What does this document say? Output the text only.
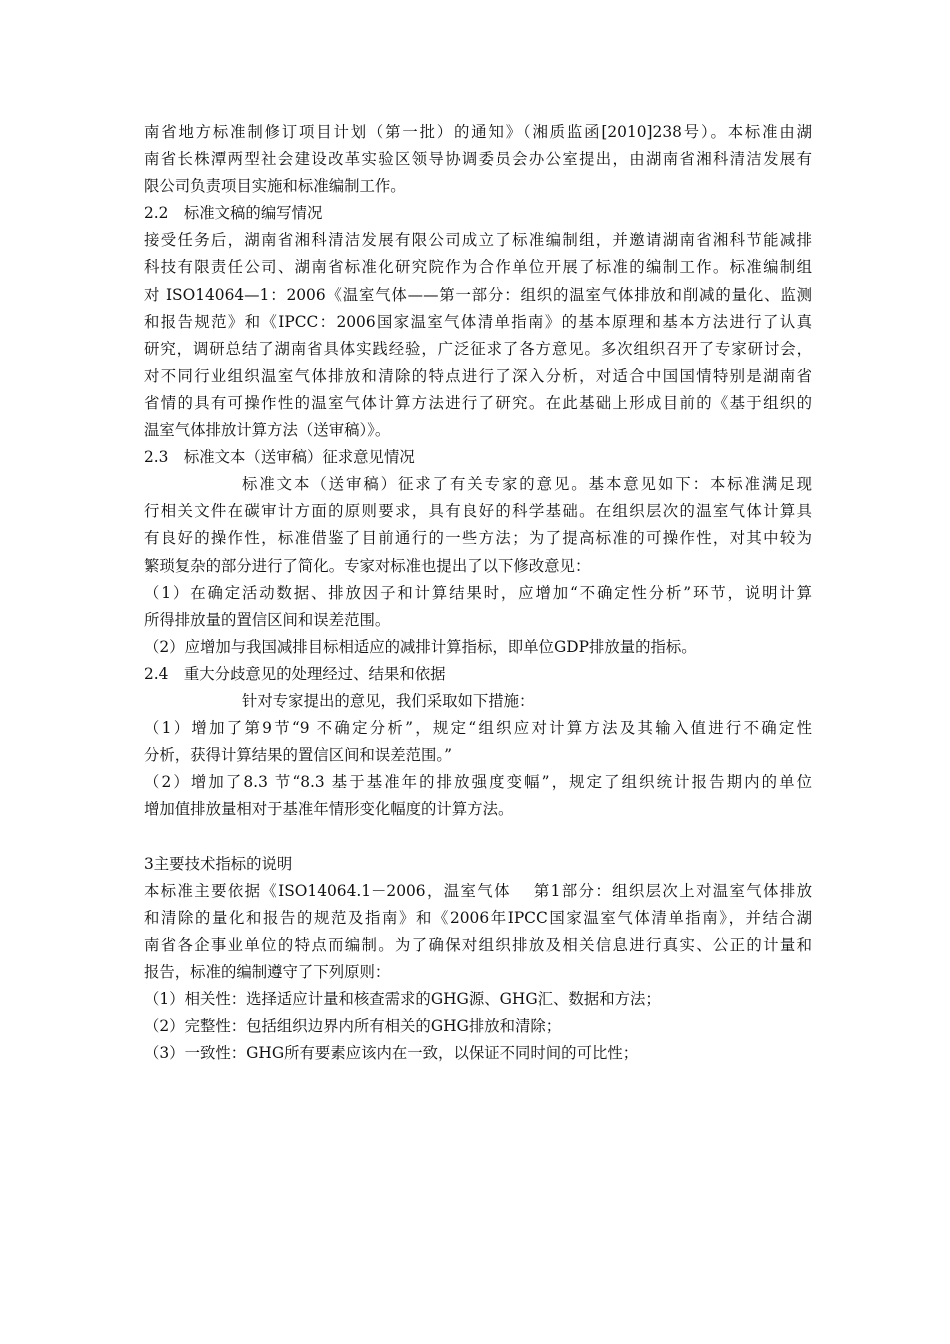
南省地方标准制修订项目计划（第一批）的通知》（湘质监函[2010]238号）。本标准由湖
南省长株潭两型社会建设改革实验区领导协调委员会办公室提出，由湖南省湘科清洁发展有
限公司负责项目实施和标准编制工作。
2.2　标准文稿的编写情况
接受任务后，湖南省湘科清洁发展有限公司成立了标准编制组，并邀请湖南省湘科节能减排
科技有限责任公司、湖南省标准化研究院作为合作单位开展了标准的编制工作。标准编制组
对 ISO14064—1：2006《温室气体——第一部分：组织的温室气体排放和削减的量化、监测
和报告规范》和《IPCC：2006国家温室气体清单指南》的基本原理和基本方法进行了认真
研究，调研总结了湖南省具体实践经验，广泛征求了各方意见。多次组织召开了专家研讨会，
对不同行业组织温室气体排放和清除的特点进行了深入分析，对适合中国国情特别是湖南省
省情的具有可操作性的温室气体计算方法进行了研究。在此基础上形成目前的《基于组织的
温室气体排放计算方法（送审稿）》。
2.3　标准文本（送审稿）征求意见情况
标准文本（送审稿）征求了有关专家的意见。基本意见如下：本标准满足现
行相关文件在碳审计方面的原则要求，具有良好的科学基础。在组织层次的温室气体计算具
有良好的操作性，标准借鉴了目前通行的一些方法；为了提高标准的可操作性，对其中较为
繁琐复杂的部分进行了简化。专家对标准也提出了以下修改意见：
（1）在确定活动数据、排放因子和计算结果时，应增加“不确定性分析”环节，说明计算
所得排放量的置信区间和误差范围。
（2）应增加与我国减排目标相适应的减排计算指标，即单位GDP排放量的指标。
2.4　重大分歧意见的处理经过、结果和依据
针对专家提出的意见，我们采取如下措施：
（1）增加了第9节“9 不确定分析”，规定“组织应对计算方法及其输入值进行不确定性
分析，获得计算结果的置信区间和误差范围。”
（2）增加了8.3 节“8.3 基于基准年的排放强度变幅”，规定了组织统计报告期内的单位
增加值排放量相对于基准年情形变化幅度的计算方法。
3主要技术指标的说明
本标准主要依据《ISO14064.1－2006，温室气体　 第1部分：组织层次上对温室气体排放
和清除的量化和报告的规范及指南》和《2006年IPCC国家温室气体清单指南》，并结合湖
南省各企事业单位的特点而编制。为了确保对组织排放及相关信息进行真实、公正的计量和
报告，标准的编制遵守了下列原则：
（1）相关性：选择适应计量和核查需求的GHG源、GHG汇、数据和方法；
（2）完整性：包括组织边界内所有相关的GHG排放和清除；
（3）一致性：GHG所有要素应该内在一致，以保证不同时间的可比性；
